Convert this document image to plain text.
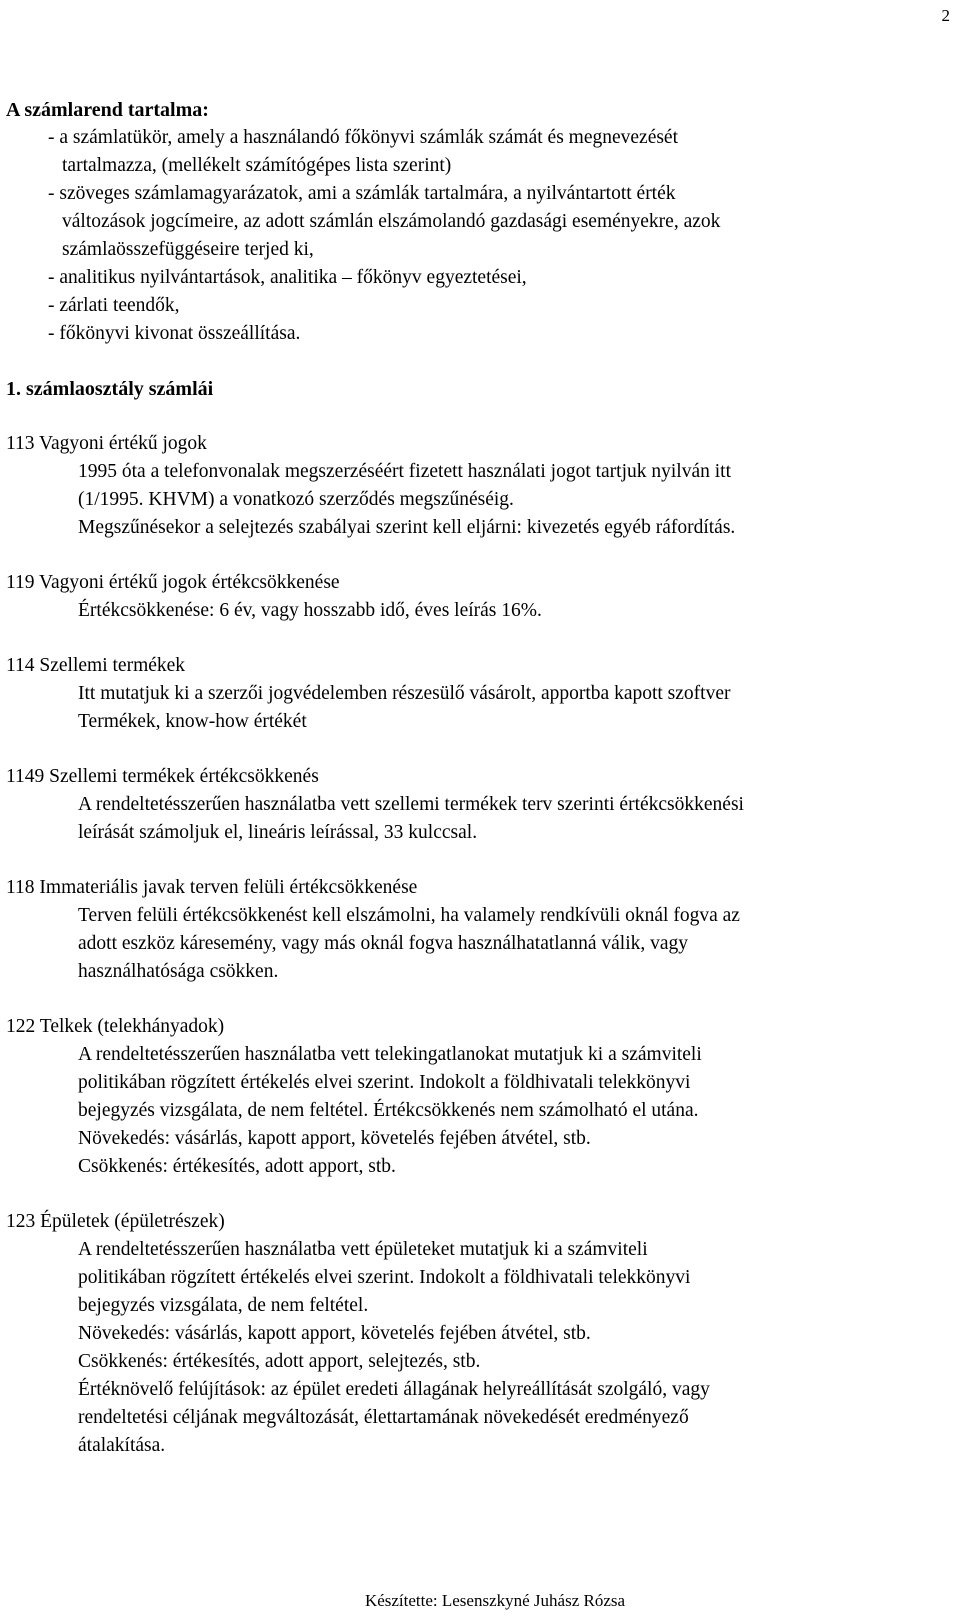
2
A számlarend tartalma:
- a számlatükör, amely a használandó főkönyvi számlák számát és megnevezését
tartalmazza, (mellékelt számítógépes lista szerint)
- szöveges számlamagyarázatok, ami a számlák tartalmára, a nyilvántartott érték
változások jogcímeire, az adott számlán elszámolandó gazdasági eseményekre, azok
számlaösszefüggéseire terjed ki,
- analitikus nyilvántartások, analitika – főkönyv egyeztetései,
- zárlati teendők,
- főkönyvi kivonat összeállítása.
1. számlaosztály számlái
113 Vagyoni értékű jogok
1995 óta a telefonvonalak megszerzéséért fizetett használati jogot tartjuk nyilván itt
(1/1995. KHVM) a vonatkozó szerződés megszűnéséig.
Megszűnésekor a selejtezés szabályai szerint kell eljárni: kivezetés egyéb ráfordítás.
119 Vagyoni értékű jogok értékcsökkenése
Értékcsökkenése: 6 év, vagy hosszabb idő, éves leírás 16%.
114 Szellemi termékek
Itt mutatjuk ki a szerzői jogvédelemben részesülő vásárolt, apportba kapott szoftver
Termékek, know-how értékét
1149 Szellemi termékek értékcsökkenés
A rendeltetésszerűen használatba vett szellemi termékek terv szerinti értékcsökkenési
leírását számoljuk el, lineáris leírással, 33 kulccsal.
118 Immateriális javak terven felüli értékcsökkenése
Terven felüli értékcsökkenést kell elszámolni, ha valamely rendkívüli oknál fogva az
adott eszköz káresemény, vagy más oknál fogva használhatatlanná válik, vagy
használhatósága csökken.
122 Telkek (telekhányadok)
A rendeltetésszerűen használatba vett telekingatlanokat mutatjuk ki a számviteli
politikában rögzített értékelés elvei szerint. Indokolt a földhivatali telekkönyvi
bejegyzés vizsgálata, de nem feltétel. Értékcsökkenés nem számolható el utána.
Növekedés: vásárlás, kapott apport, követelés fejében átvétel, stb.
Csökkenés: értékesítés, adott apport, stb.
123 Épületek (épületrészek)
A rendeltetésszerűen használatba vett épületeket mutatjuk ki a számviteli
politikában rögzített értékelés elvei szerint. Indokolt a földhivatali telekkönyvi
bejegyzés vizsgálata, de nem feltétel.
Növekedés: vásárlás, kapott apport, követelés fejében átvétel, stb.
Csökkenés: értékesítés, adott apport, selejtezés, stb.
Értéknövelő felújítások: az épület eredeti állagának helyreállítását szolgáló, vagy
rendeltetési céljának megváltozását, élettartamának növekedését eredményező
átalakítása.
Készítette: Lesenszkyné Juhász Rózsa
